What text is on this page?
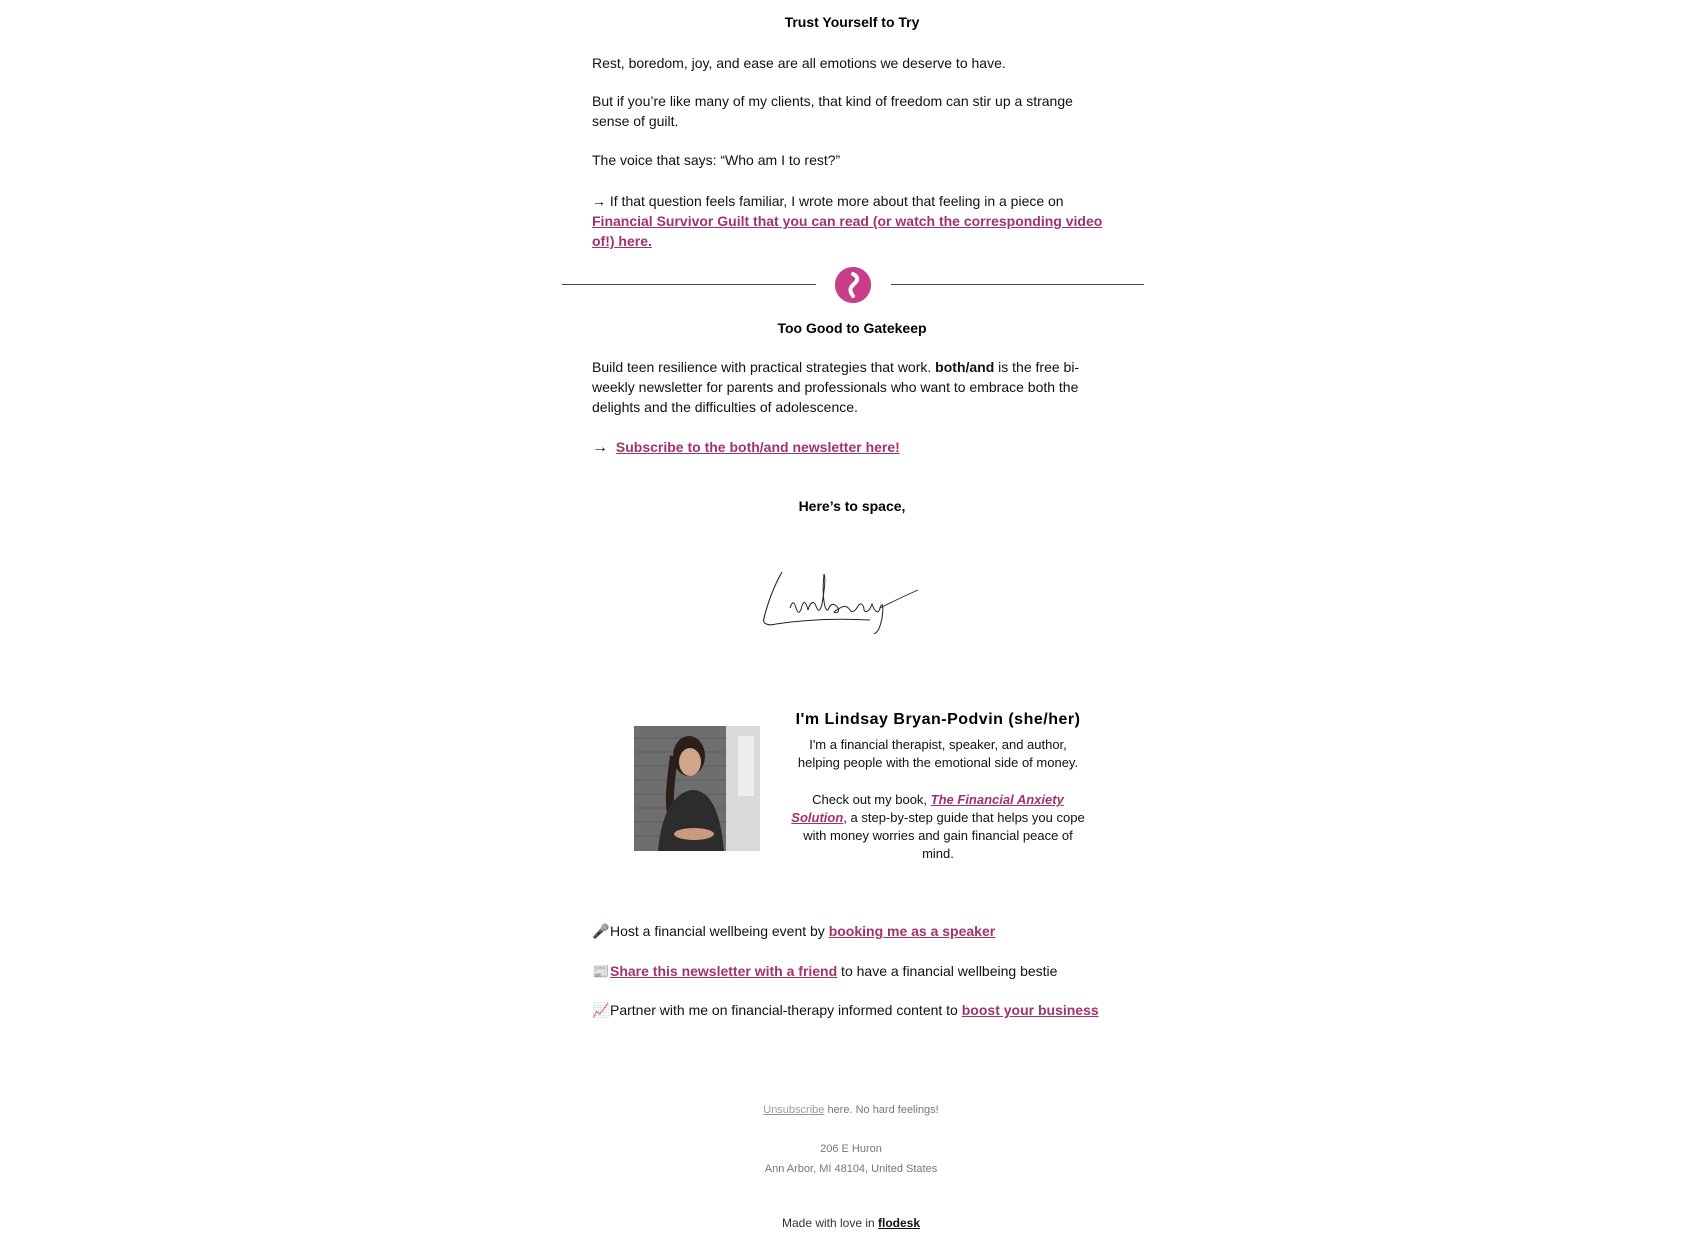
Trust Yourself to Try
Rest, boredom, joy, and ease are all emotions we deserve to have.
But if you’re like many of my clients, that kind of freedom can stir up a strange sense of guilt.
The voice that says: “Who am I to rest?”
→ If that question feels familiar, I wrote more about that feeling in a piece on
Financial Survivor Guilt that you can read (or watch the corresponding video of!) here.
Too Good to Gatekeep
Build teen resilience with practical strategies that work. both/and is the free bi-weekly newsletter for parents and professionals who want to embrace both the delights and the difficulties of adolescence.
→ Subscribe to the both/and newsletter here!
Here’s to space,
I'm Lindsay Bryan-Podvin (she/her)
I'm a financial therapist, speaker, and author, helping people with the emotional side of money.
Check out my book, The Financial Anxiety Solution, a step-by-step guide that helps you cope with money worries and gain financial peace of mind.
🎤Host a financial wellbeing event by booking me as a speaker
📰Share this newsletter with a friend to have a financial wellbeing bestie
📈Partner with me on financial-therapy informed content to boost your business
Unsubscribe here. No hard feelings!
206 E Huron
Ann Arbor, MI 48104, United States
Made with love in flodesk
